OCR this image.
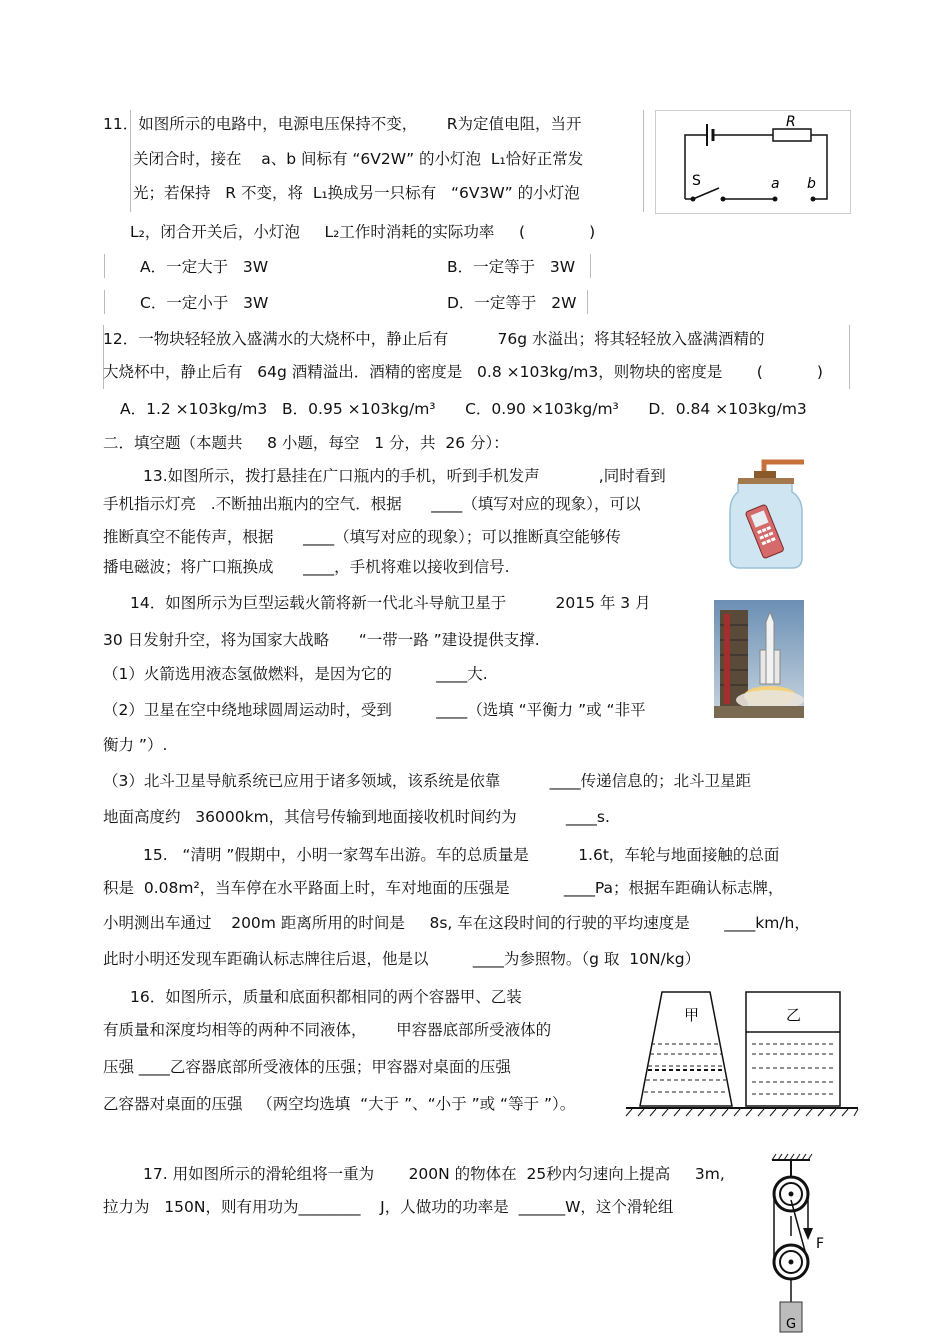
11．如图所示的电路中，电源电压保持不变，      R为定值电阻，当开
关闭合时，接在    a、b 间标有 “6V2W” 的小灯泡  L₁恰好正常发
光；若保持   R 不变，将  L₁换成另一只标有   “6V3W” 的小灯泡
L₂，闭合开关后，小灯泡     L₂工作时消耗的实际功率     (             )
A．一定大于   3W	B．一定等于   3W
C．一定小于   3W	D．一定等于   2W
R
S	a b
12．一物块轻轻放入盛满水的大烧杯中，静止后有          76g 水溢出；将其轻轻放入盛满酒精的
大烧杯中，静止后有   64g 酒精溢出．酒精的密度是   0.8 ×103kg/m3，则物块的密度是       (           )
A．1.2 ×103kg/m3   B．0.95 ×103kg/m³      C．0.90 ×103kg/m³      D．0.84 ×103kg/m3
二．填空题（本题共     8 小题，每空   1 分，共  26 分）：
13.如图所示，拨打悬挂在广口瓶内的手机，听到手机发声            ,同时看到
手机指示灯亮   .不断抽出瓶内的空气．根据      ____（填写对应的现象），可以
推断真空不能传声，根据      ____（填写对应的现象）；可以推断真空能够传
播电磁波；将广口瓶换成      ____，手机将难以接收到信号.
14．如图所示为巨型运载火箭将新一代北斗导航卫星于          2015 年 3 月
30 日发射升空，将为国家大战略      “一带一路 ”建设提供支撑.
（1）火箭选用液态氢做燃料，是因为它的         ____大.
（2）卫星在空中绕地球圆周运动时，受到         ____（选填 “平衡力 ”或 “非平
衡力 ”）.
（3）北斗卫星导航系统已应用于诸多领域，该系统是依靠          ____传递信息的；北斗卫星距
地面高度约   36000km，其信号传输到地面接收机时间约为          ____s.
15.   “清明 ”假期中，小明一家驾车出游。车的总质量是          1.6t，车轮与地面接触的总面
积是  0.08m²，当车停在水平路面上时，车对地面的压强是           ____Pa；根据车距确认标志牌，
小明测出车通过    200m 距离所用的时间是     8s, 车在这段时间的行驶的平均速度是       ____km/h，
此时小明还发现车距确认标志牌往后退，他是以         ____为参照物。（g 取  10N/kg）
16．如图所示，质量和底面积都相同的两个容器甲、乙装
有质量和深度均相等的两种不同液体，      甲容器底部所受液体的
压强 ____乙容器底部所受液体的压强；甲容器对桌面的压强
乙容器对桌面的压强   （两空均选填  “大于 ”、“小于 ”或 “等于 ”）。
甲	乙
17. 用如图所示的滑轮组将一重为       200N 的物体在  25秒内匀速向上提高     3m,
拉力为   150N，则有用功为________    J，人做功的功率是  ______W，这个滑轮组
F
G
